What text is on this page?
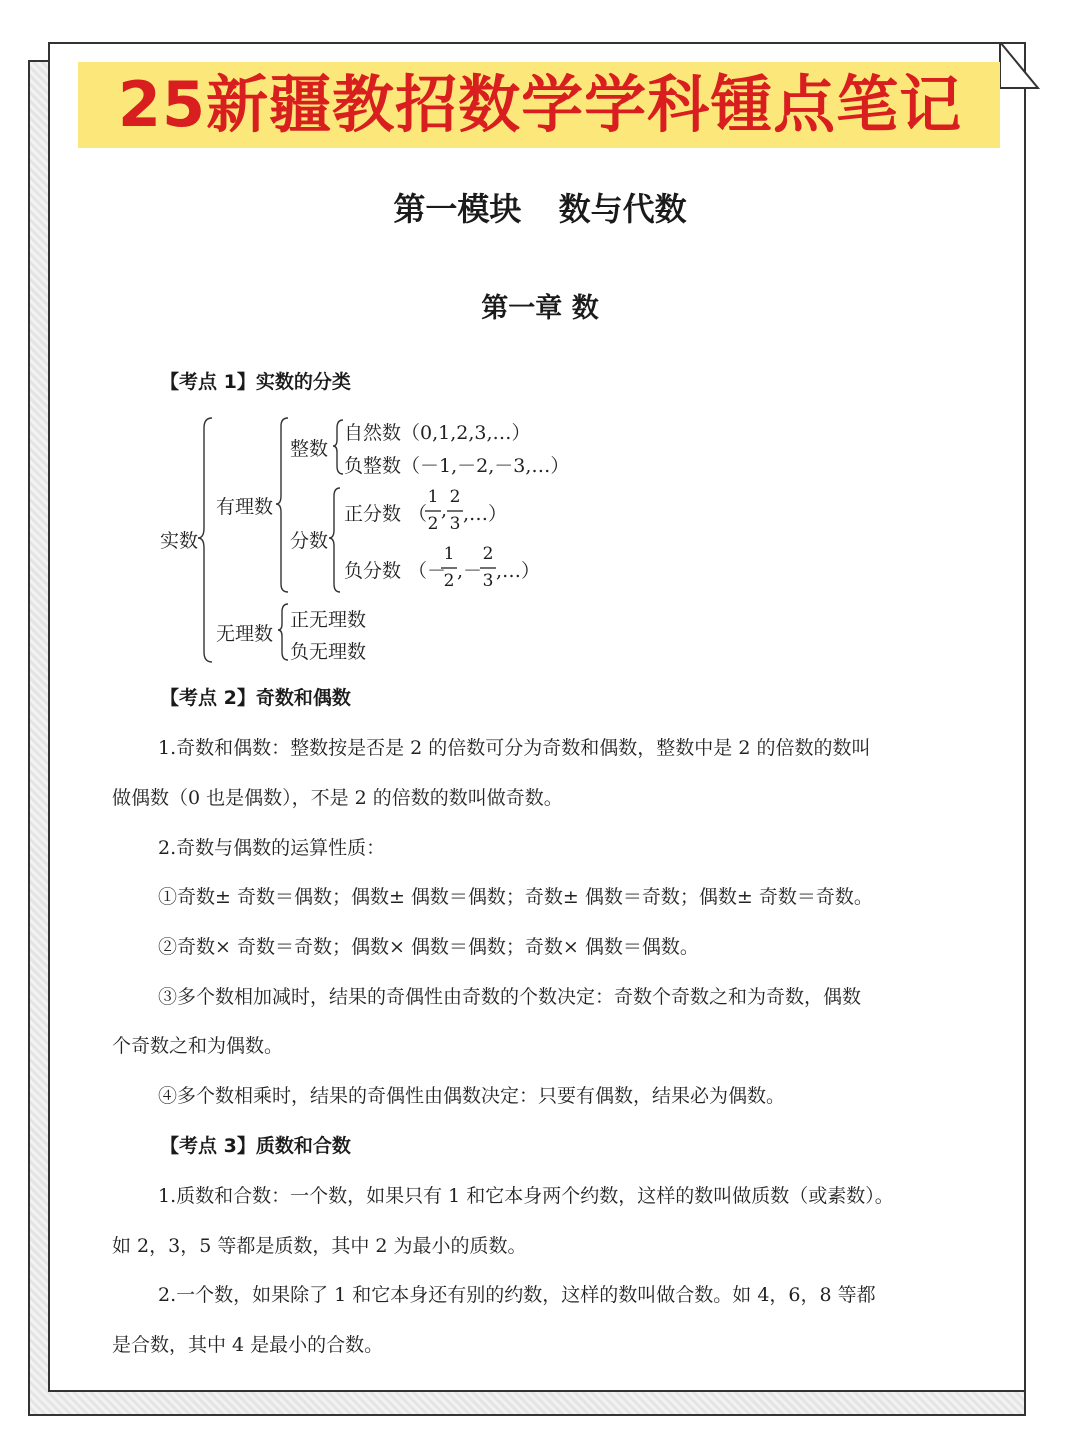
25新疆教招数学学科锺点笔记
第一模块 数与代数
第一章 数
【考点 1】实数的分类
实数
有理数
无理数
整数
分数
自然数（0,1,2,3,…）
负整数（－1,－2,－3,…）
正分数 （
1
2
,
2
3 ,…）
负分数 （－
1
2 ,－
2
3 ,…）
正无理数
负无理数
【考点 2】奇数和偶数
1.奇数和偶数：整数按是否是 2 的倍数可分为奇数和偶数，整数中是 2 的倍数的数叫
做偶数（0 也是偶数），不是 2 的倍数的数叫做奇数。
2.奇数与偶数的运算性质：
①奇数± 奇数＝偶数；偶数± 偶数＝偶数；奇数± 偶数＝奇数；偶数± 奇数＝奇数。
②奇数× 奇数＝奇数；偶数× 偶数＝偶数；奇数× 偶数＝偶数。
③多个数相加减时，结果的奇偶性由奇数的个数决定：奇数个奇数之和为奇数，偶数
个奇数之和为偶数。
④多个数相乘时，结果的奇偶性由偶数决定：只要有偶数，结果必为偶数。
【考点 3】质数和合数
1.质数和合数：一个数，如果只有 1 和它本身两个约数，这样的数叫做质数（或素数）。
如 2，3，5 等都是质数，其中 2 为最小的质数。
2.一个数，如果除了 1 和它本身还有别的约数，这样的数叫做合数。如 4，6，8 等都
是合数，其中 4 是最小的合数。
